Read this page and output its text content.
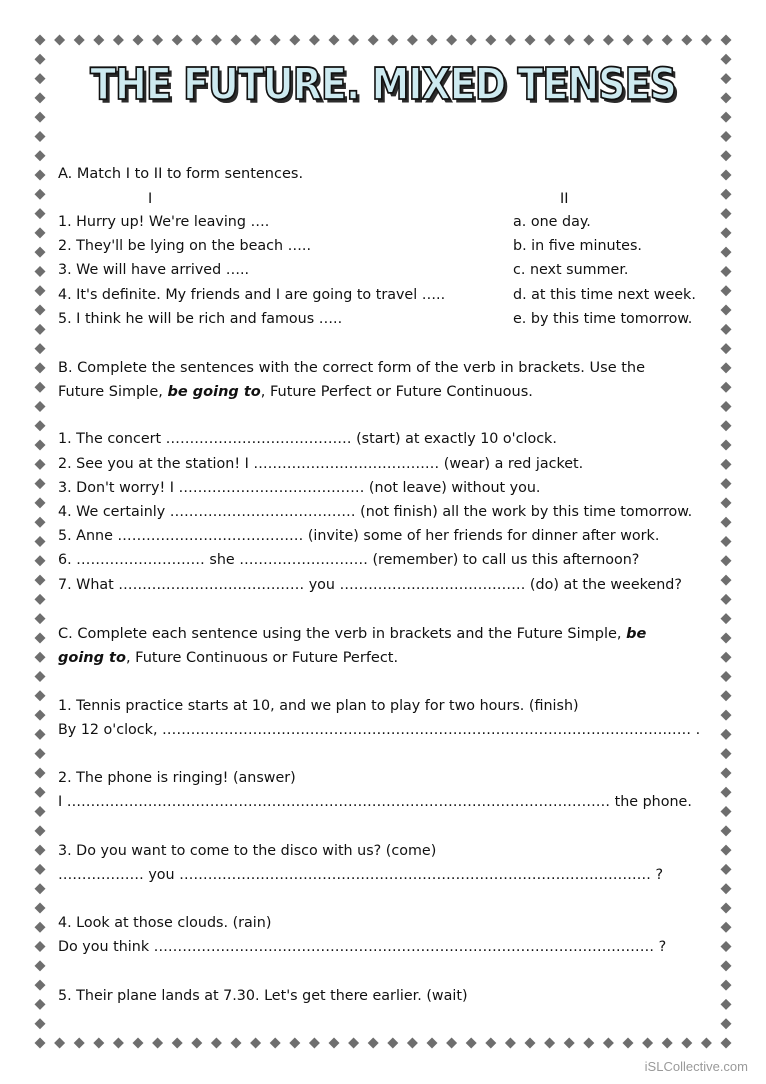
THE FUTURE. MIXED TENSES
A. Match I to II to form sentences.
I	II
1. Hurry up! We're leaving ….
2. They'll be lying on the beach …..
3. We will have arrived …..
4. It's definite. My friends and I are going to travel …..
5. I think he will be rich and famous …..
a. one day.
b. in five minutes.
c. next summer.
d. at this time next week.
e. by this time tomorrow.
B. Complete the sentences with the correct form of the verb in brackets. Use the
Future Simple, be going to, Future Perfect or Future Continuous.
1. The concert ………………………………… (start) at exactly 10 o'clock.
2. See you at the station! I ………………………………… (wear) a red jacket.
3. Don't worry! I ………………………………… (not leave) without you.
4. We certainly ………………………………… (not finish) all the work by this time tomorrow.
5. Anne ………………………………… (invite) some of her friends for dinner after work.
6. ……………………… she ……………………… (remember) to call us this afternoon?
7. What ………………………………… you ………………………………… (do) at the weekend?
C. Complete each sentence using the verb in brackets and the Future Simple, be
going to, Future Continuous or Future Perfect.
1. Tennis practice starts at 10, and we plan to play for two hours. (finish)
By 12 o'clock, ………………………………………………………………………………………………… .
2. The phone is ringing! (answer)
I …………………………………………………………………………………………………… the phone.
3. Do you want to come to the disco with us? (come)
……………… you ……………………………………………………………………………………… ?
4. Look at those clouds. (rain)
Do you think …………………………………………………………………………………………… ?
5. Their plane lands at 7.30. Let's get there earlier. (wait)
iSLCollective.com
